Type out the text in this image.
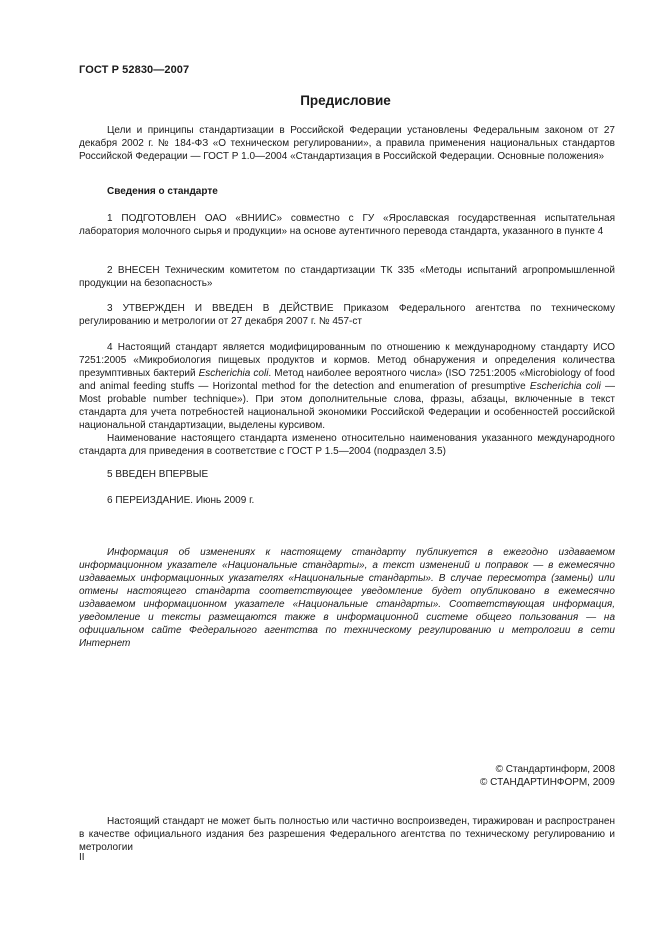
ГОСТ Р 52830—2007
Предисловие

Цели и принципы стандартизации в Российской Федерации установлены Федеральным законом от 27 декабря 2002 г. № 184-ФЗ «О техническом регулировании», а правила применения национальных стандартов Российской Федерации — ГОСТ Р 1.0—2004 «Стандартизация в Российской Федерации. Основные положения»

Сведения о стандарте

1 ПОДГОТОВЛЕН ОАО «ВНИИС» совместно с ГУ «Ярославская государственная испытательная лаборатория молочного сырья и продукции» на основе аутентичного перевода стандарта, указанного в пункте 4

2 ВНЕСЕН Техническим комитетом по стандартизации ТК 335 «Методы испытаний агропромышленной продукции на безопасность»

3 УТВЕРЖДЕН И ВВЕДЕН В ДЕЙСТВИЕ Приказом Федерального агентства по техническому регулированию и метрологии от 27 декабря 2007 г. № 457-ст

4 Настоящий стандарт является модифицированным по отношению к международному стандарту ИСО 7251:2005 «Микробиология пищевых продуктов и кормов. Метод обнаружения и определения количества презумптивных бактерий Escherichia coli. Метод наиболее вероятного числа» (ISO 7251:2005 «Microbiology of food and animal feeding stuffs — Horizontal method for the detection and enumeration of presumptive Escherichia coli — Most probable number technique»). При этом дополнительные слова, фразы, абзацы, включенные в текст стандарта для учета потребностей национальной экономики Российской Федерации и особенностей российской национальной стандартизации, выделены курсивом.

Наименование настоящего стандарта изменено относительно наименования указанного международного стандарта для приведения в соответствие с ГОСТ Р 1.5—2004 (подраздел 3.5)

5 ВВЕДЕН ВПЕРВЫЕ

6 ПЕРЕИЗДАНИЕ. Июнь 2009 г.

Информация об изменениях к настоящему стандарту публикуется в ежегодно издаваемом информационном указателе «Национальные стандарты», а текст изменений и поправок — в ежемесячно издаваемых информационных указателях «Национальные стандарты». В случае пересмотра (замены) или отмены настоящего стандарта соответствующее уведомление будет опубликовано в ежемесячно издаваемом информационном указателе «Национальные стандарты». Соответствующая информация, уведомление и тексты размещаются также в информационной системе общего пользования — на официальном сайте Федерального агентства по техническому регулированию и метрологии в сети Интернет

© Стандартинформ, 2008
© СТАНДАРТИНФОРМ, 2009

Настоящий стандарт не может быть полностью или частично воспроизведен, тиражирован и распространен в качестве официального издания без разрешения Федерального агентства по техническому регулированию и метрологии

II
